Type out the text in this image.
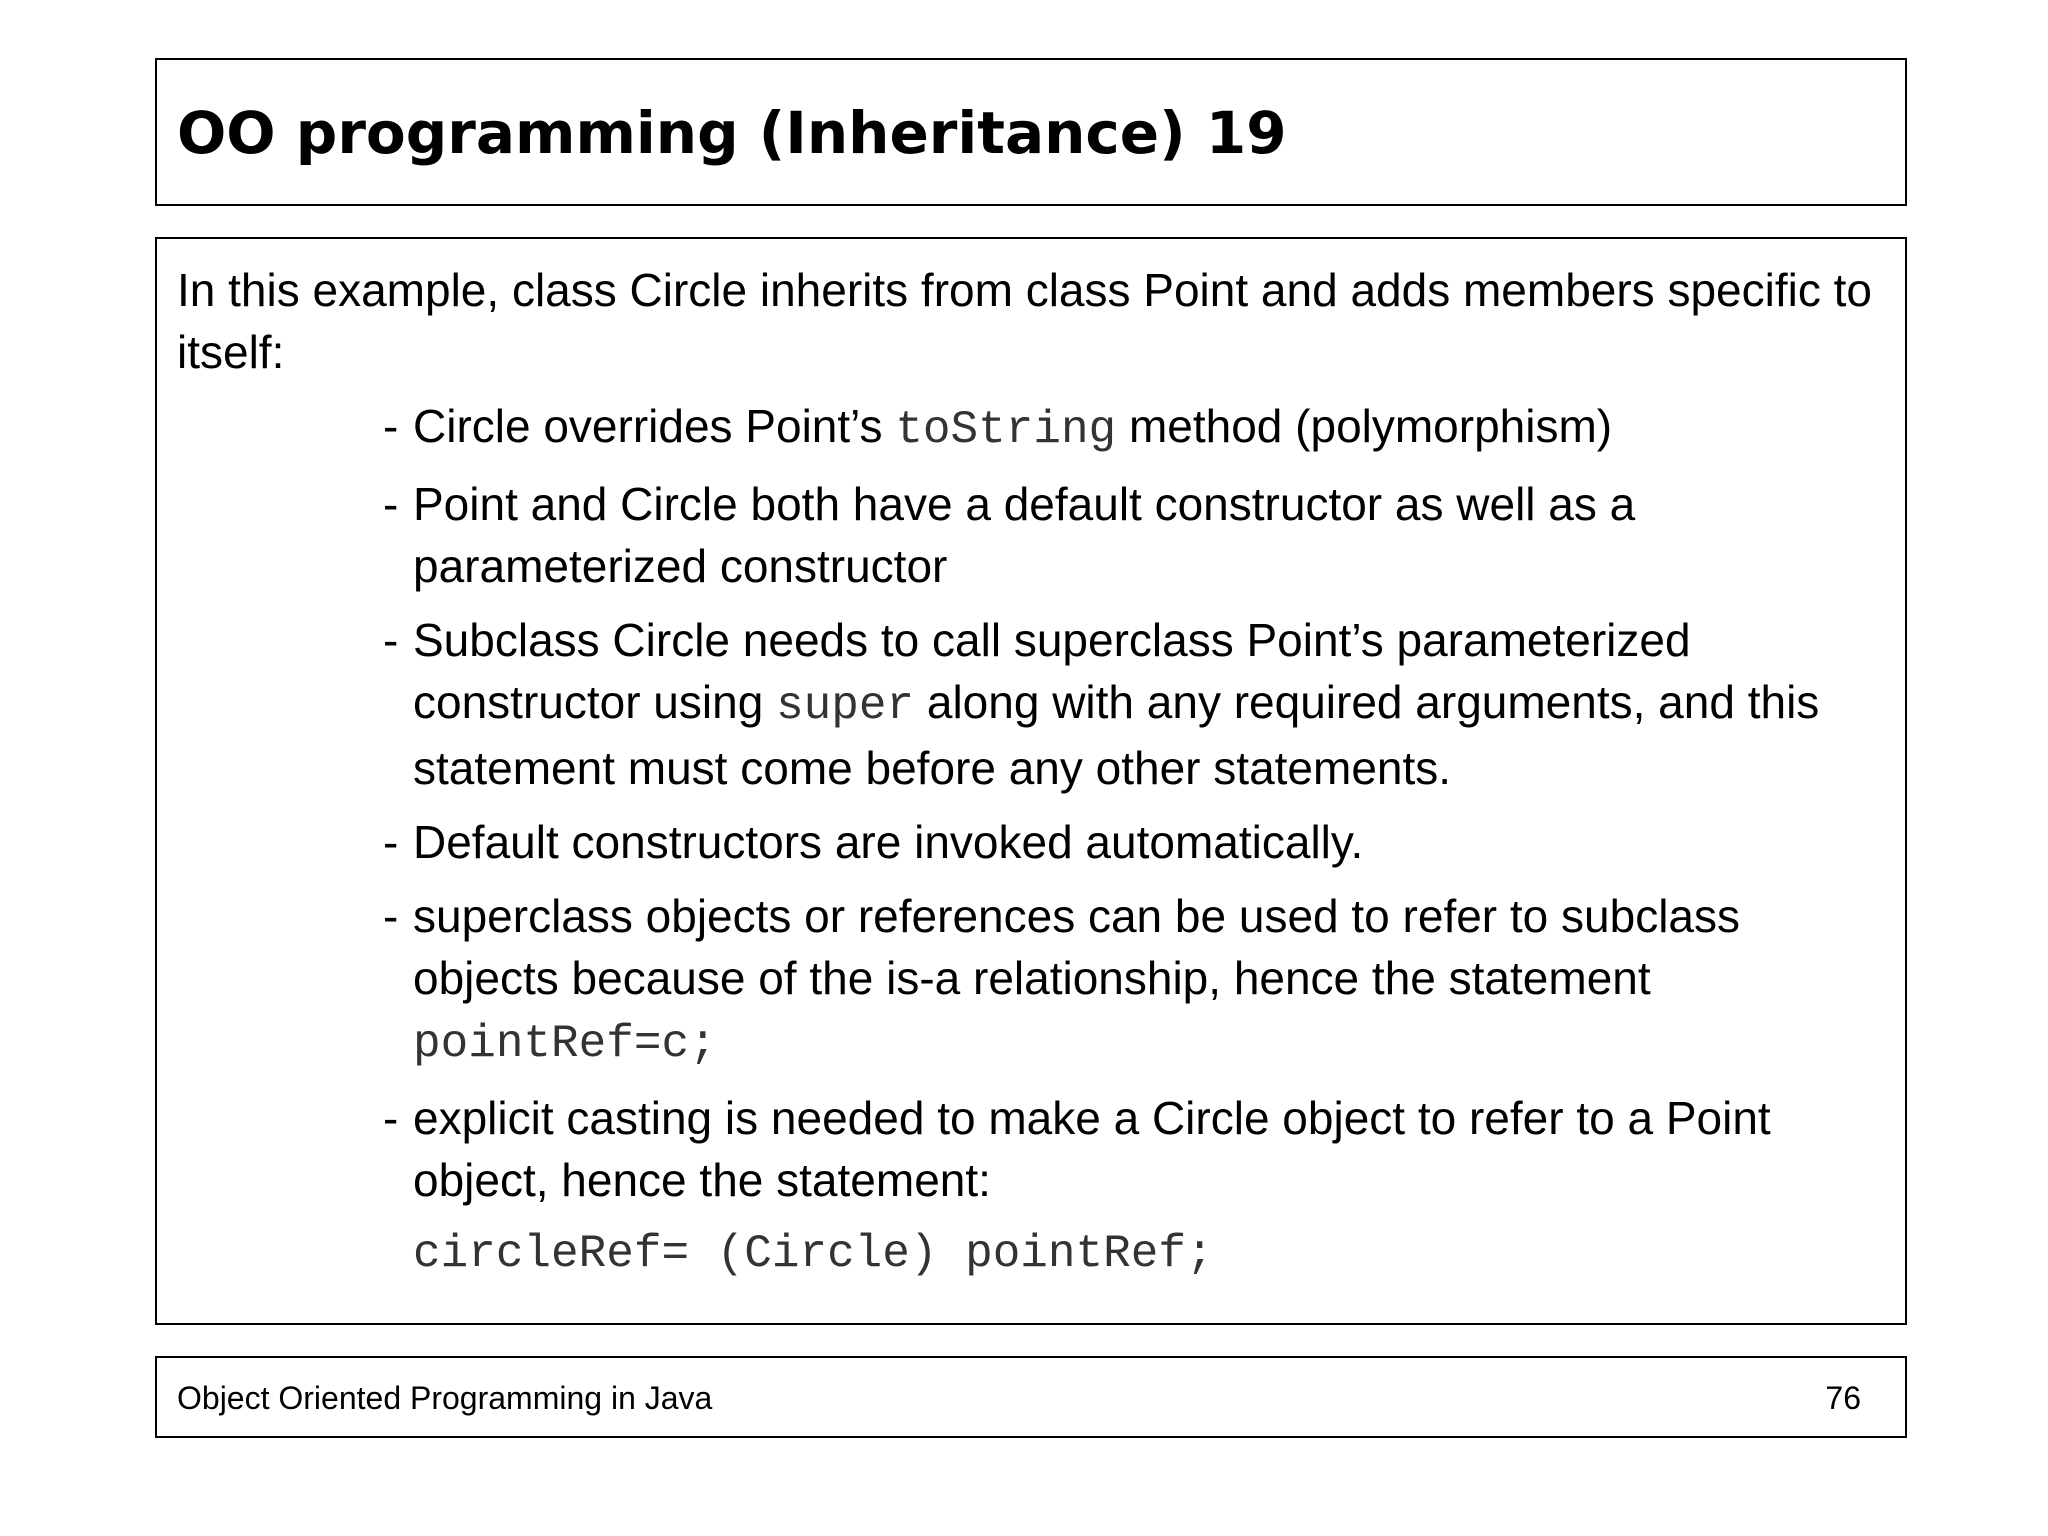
OO programming (Inheritance) 19

In this example, class Circle inherits from class Point and adds members specific to itself:

- Circle overrides Point’s toString method (polymorphism)

- Point and Circle both have a default constructor as well as a parameterized constructor

- Subclass Circle needs to call superclass Point’s parameterized constructor using super along with any required arguments, and this statement must come before any other statements.

- Default constructors are invoked automatically.

- superclass objects or references can be used to refer to subclass objects because of the is-a relationship, hence the statement pointRef=c;

- explicit casting is needed to make a Circle object to refer to a Point object, hence the statement:

circleRef= (Circle) pointRef;

Object Oriented Programming in Java	76
